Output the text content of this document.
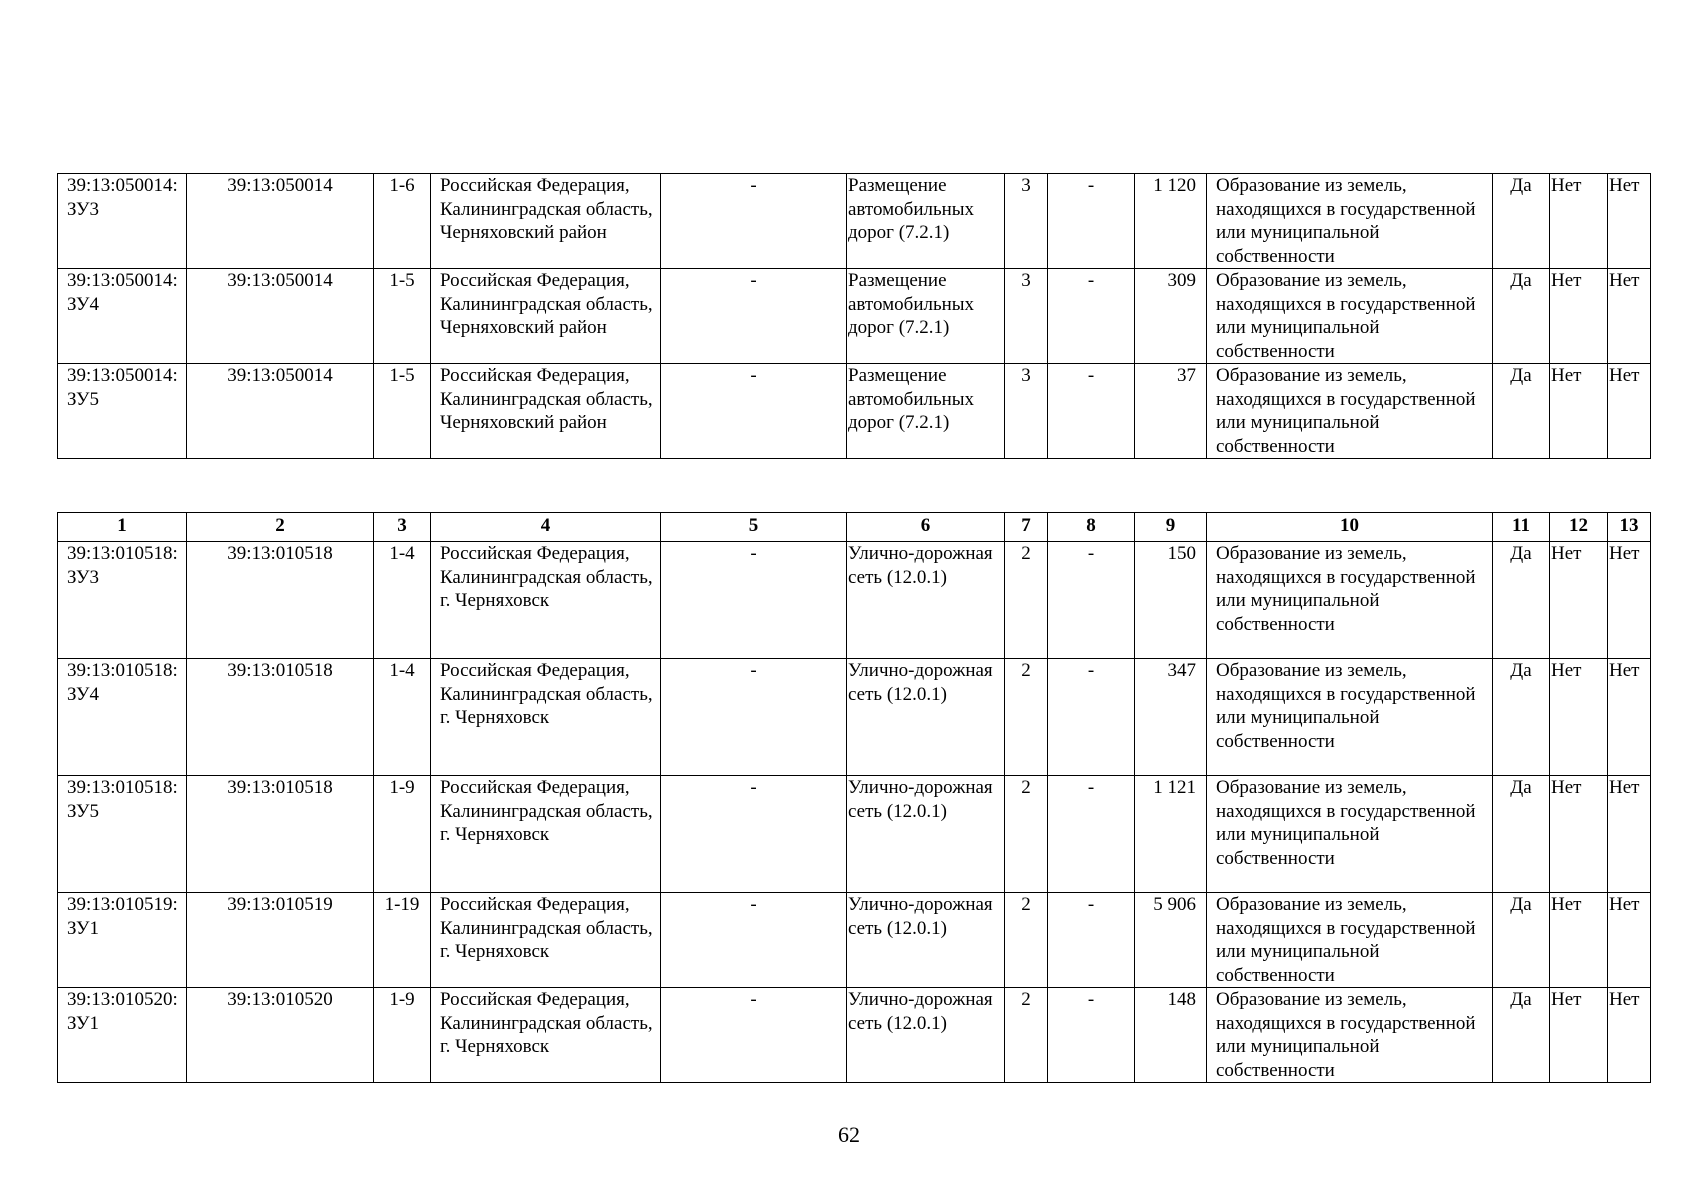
39:13:050014:
ЗУ3	39:13:050014	1-6	Российская Федерация, Калининградская область, Черняховский район	-	Размещение автомобильных дорог (7.2.1)	3	-	1 120	Образование из земель, находящихся в государственной или муниципальной собственности	Да	Нет	Нет

39:13:050014:
ЗУ4	39:13:050014	1-5	Российская Федерация, Калининградская область, Черняховский район	-	Размещение автомобильных дорог (7.2.1)	3	-	309	Образование из земель, находящихся в государственной или муниципальной собственности	Да	Нет	Нет

39:13:050014:
ЗУ5	39:13:050014	1-5	Российская Федерация, Калининградская область, Черняховский район	-	Размещение автомобильных дорог (7.2.1)	3	-	37	Образование из земель, находящихся в государственной или муниципальной собственности	Да	Нет	Нет
1	2	3	4	5	6	7	8	9	10	11	12	13

39:13:010518:
ЗУ3	39:13:010518	1-4	Российская Федерация, Калининградская область, г. Черняховск	-	Улично-дорожная сеть (12.0.1)	2	-	150	Образование из земель, находящихся в государственной или муниципальной собственности	Да	Нет	Нет

39:13:010518:
ЗУ4	39:13:010518	1-4	Российская Федерация, Калининградская область, г. Черняховск	-	Улично-дорожная сеть (12.0.1)	2	-	347	Образование из земель, находящихся в государственной или муниципальной собственности	Да	Нет	Нет

39:13:010518:
ЗУ5	39:13:010518	1-9	Российская Федерация, Калининградская область, г. Черняховск	-	Улично-дорожная сеть (12.0.1)	2	-	1 121	Образование из земель, находящихся в государственной или муниципальной собственности	Да	Нет	Нет

39:13:010519:
ЗУ1	39:13:010519	1-19	Российская Федерация, Калининградская область, г. Черняховск	-	Улично-дорожная сеть (12.0.1)	2	-	5 906	Образование из земель, находящихся в государственной или муниципальной собственности	Да	Нет	Нет

39:13:010520:
ЗУ1	39:13:010520	1-9	Российская Федерация, Калининградская область, г. Черняховск	-	Улично-дорожная сеть (12.0.1)	2	-	148	Образование из земель, находящихся в государственной или муниципальной собственности	Да	Нет	Нет
62
